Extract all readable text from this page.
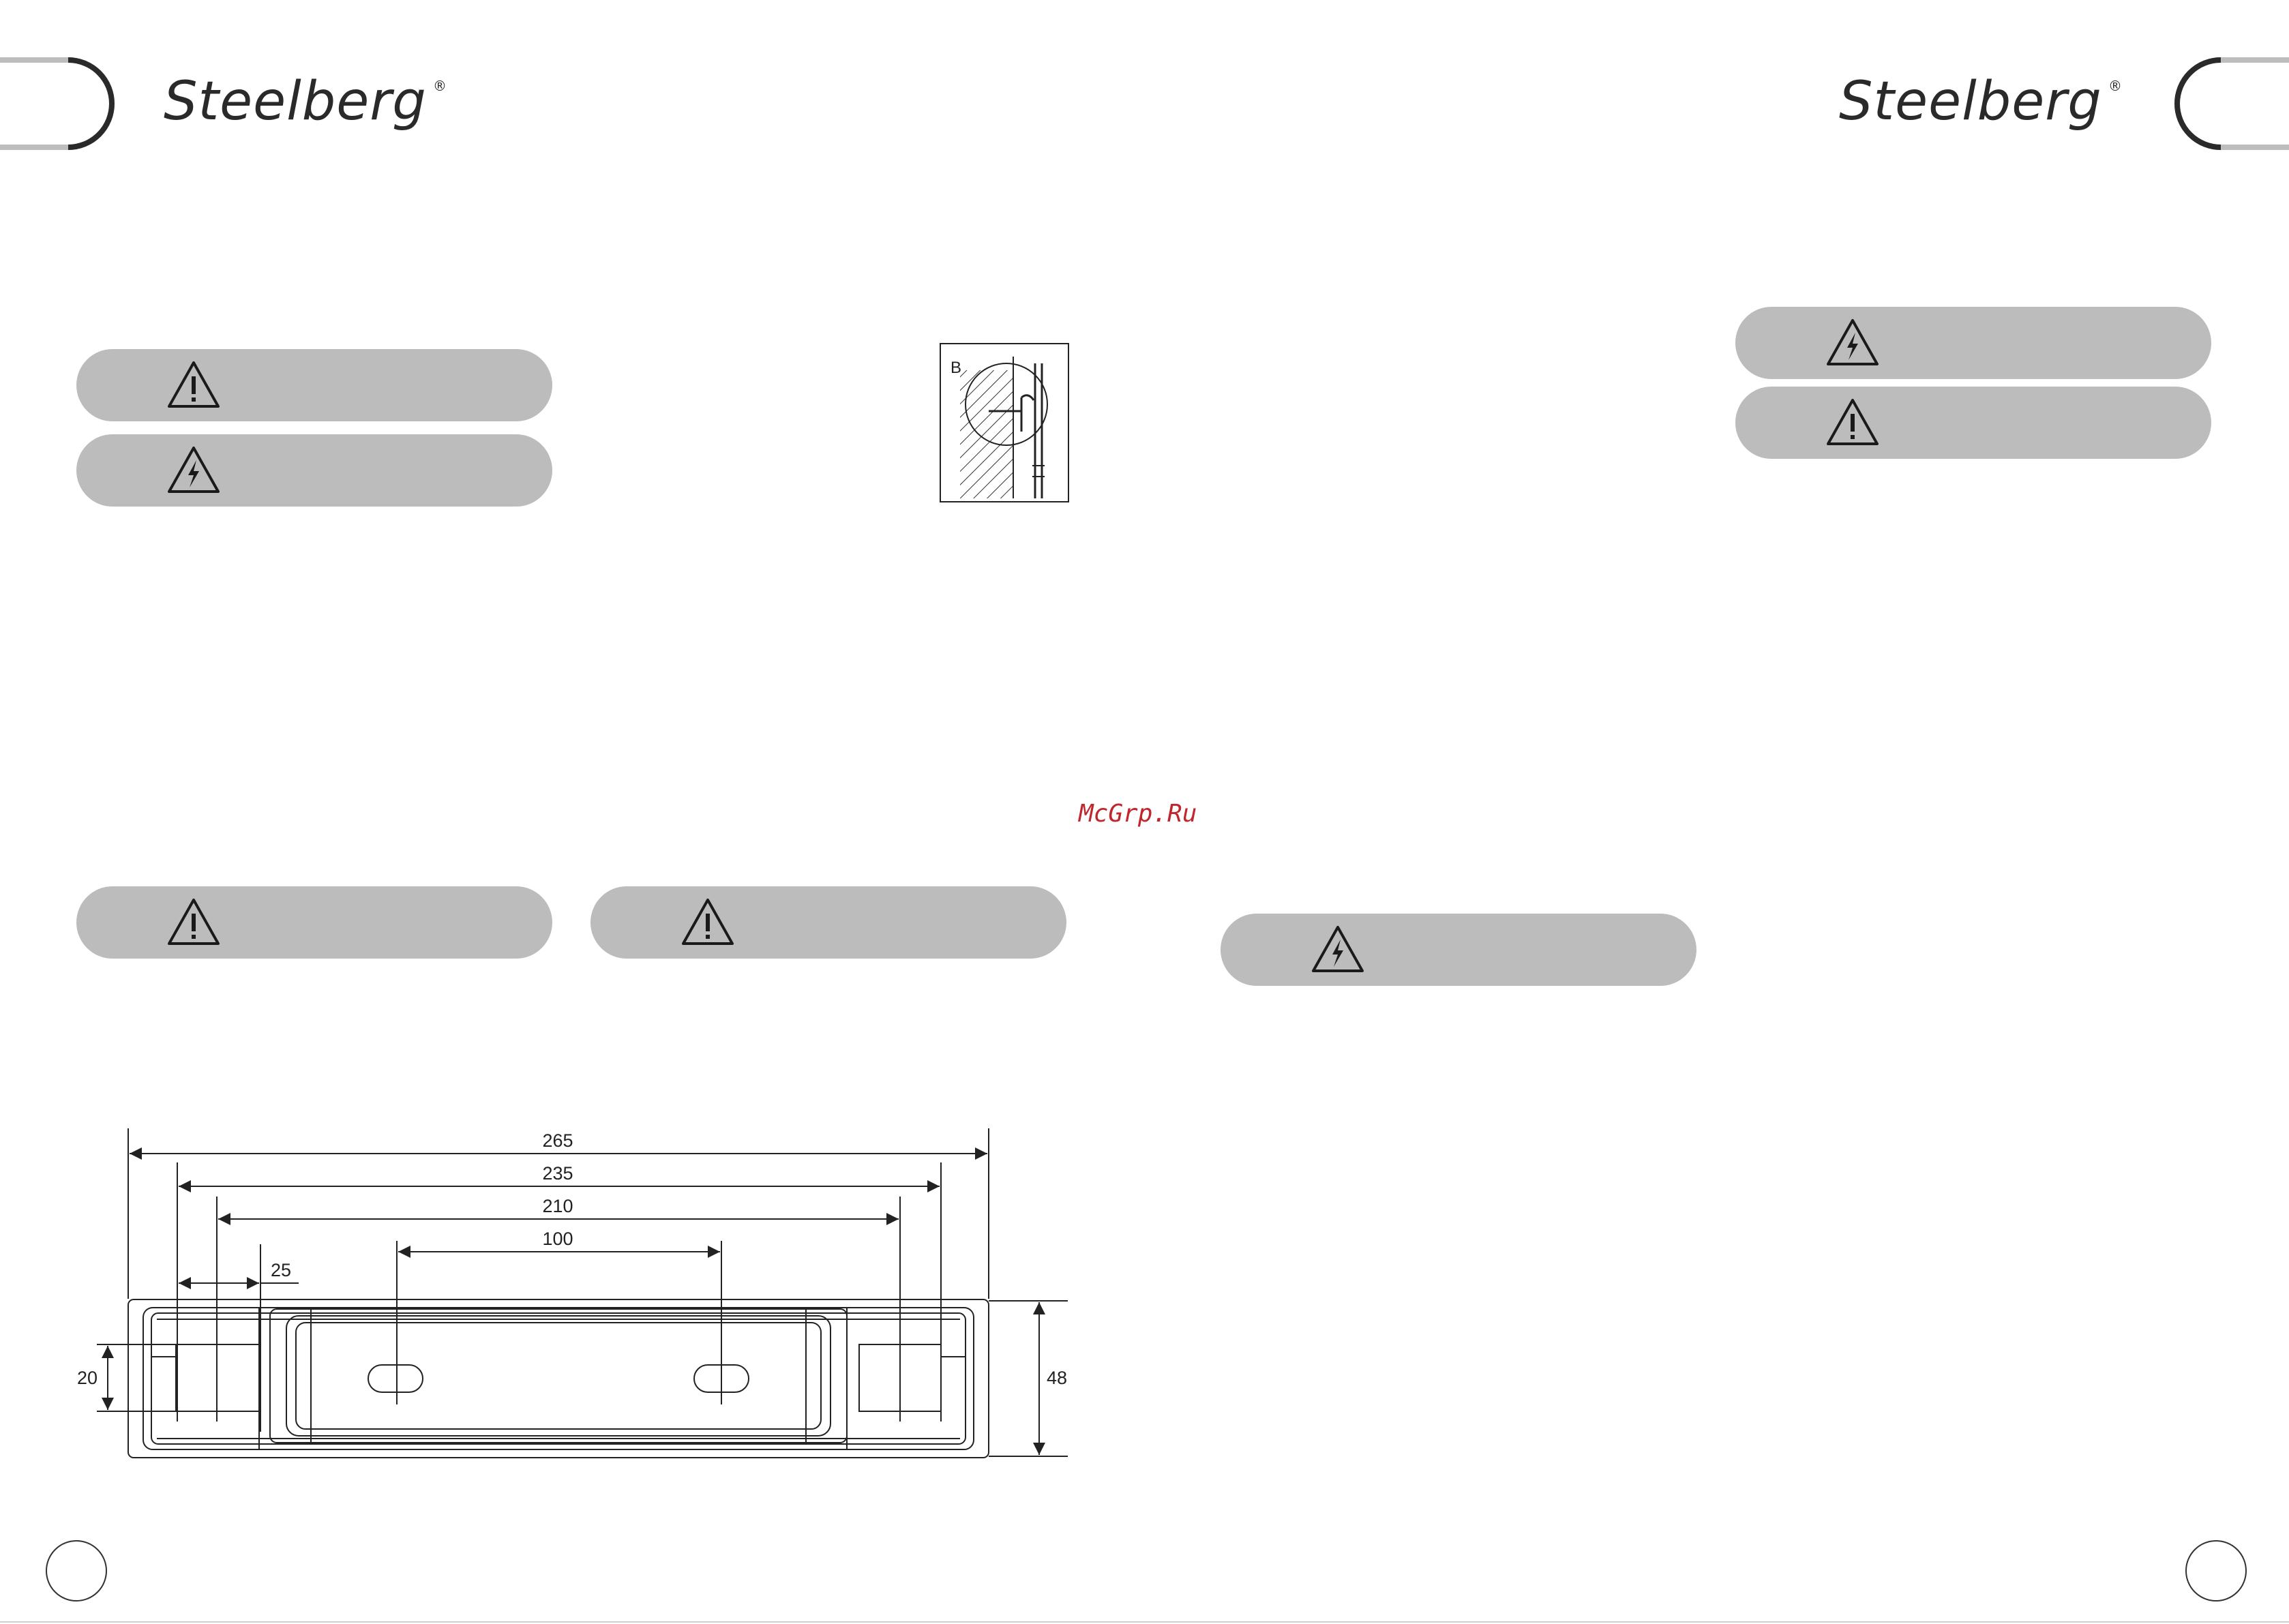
Steelberg ®	Steelberg ®
B
McGrp.Ru
265
235
210
100
25
20	48
